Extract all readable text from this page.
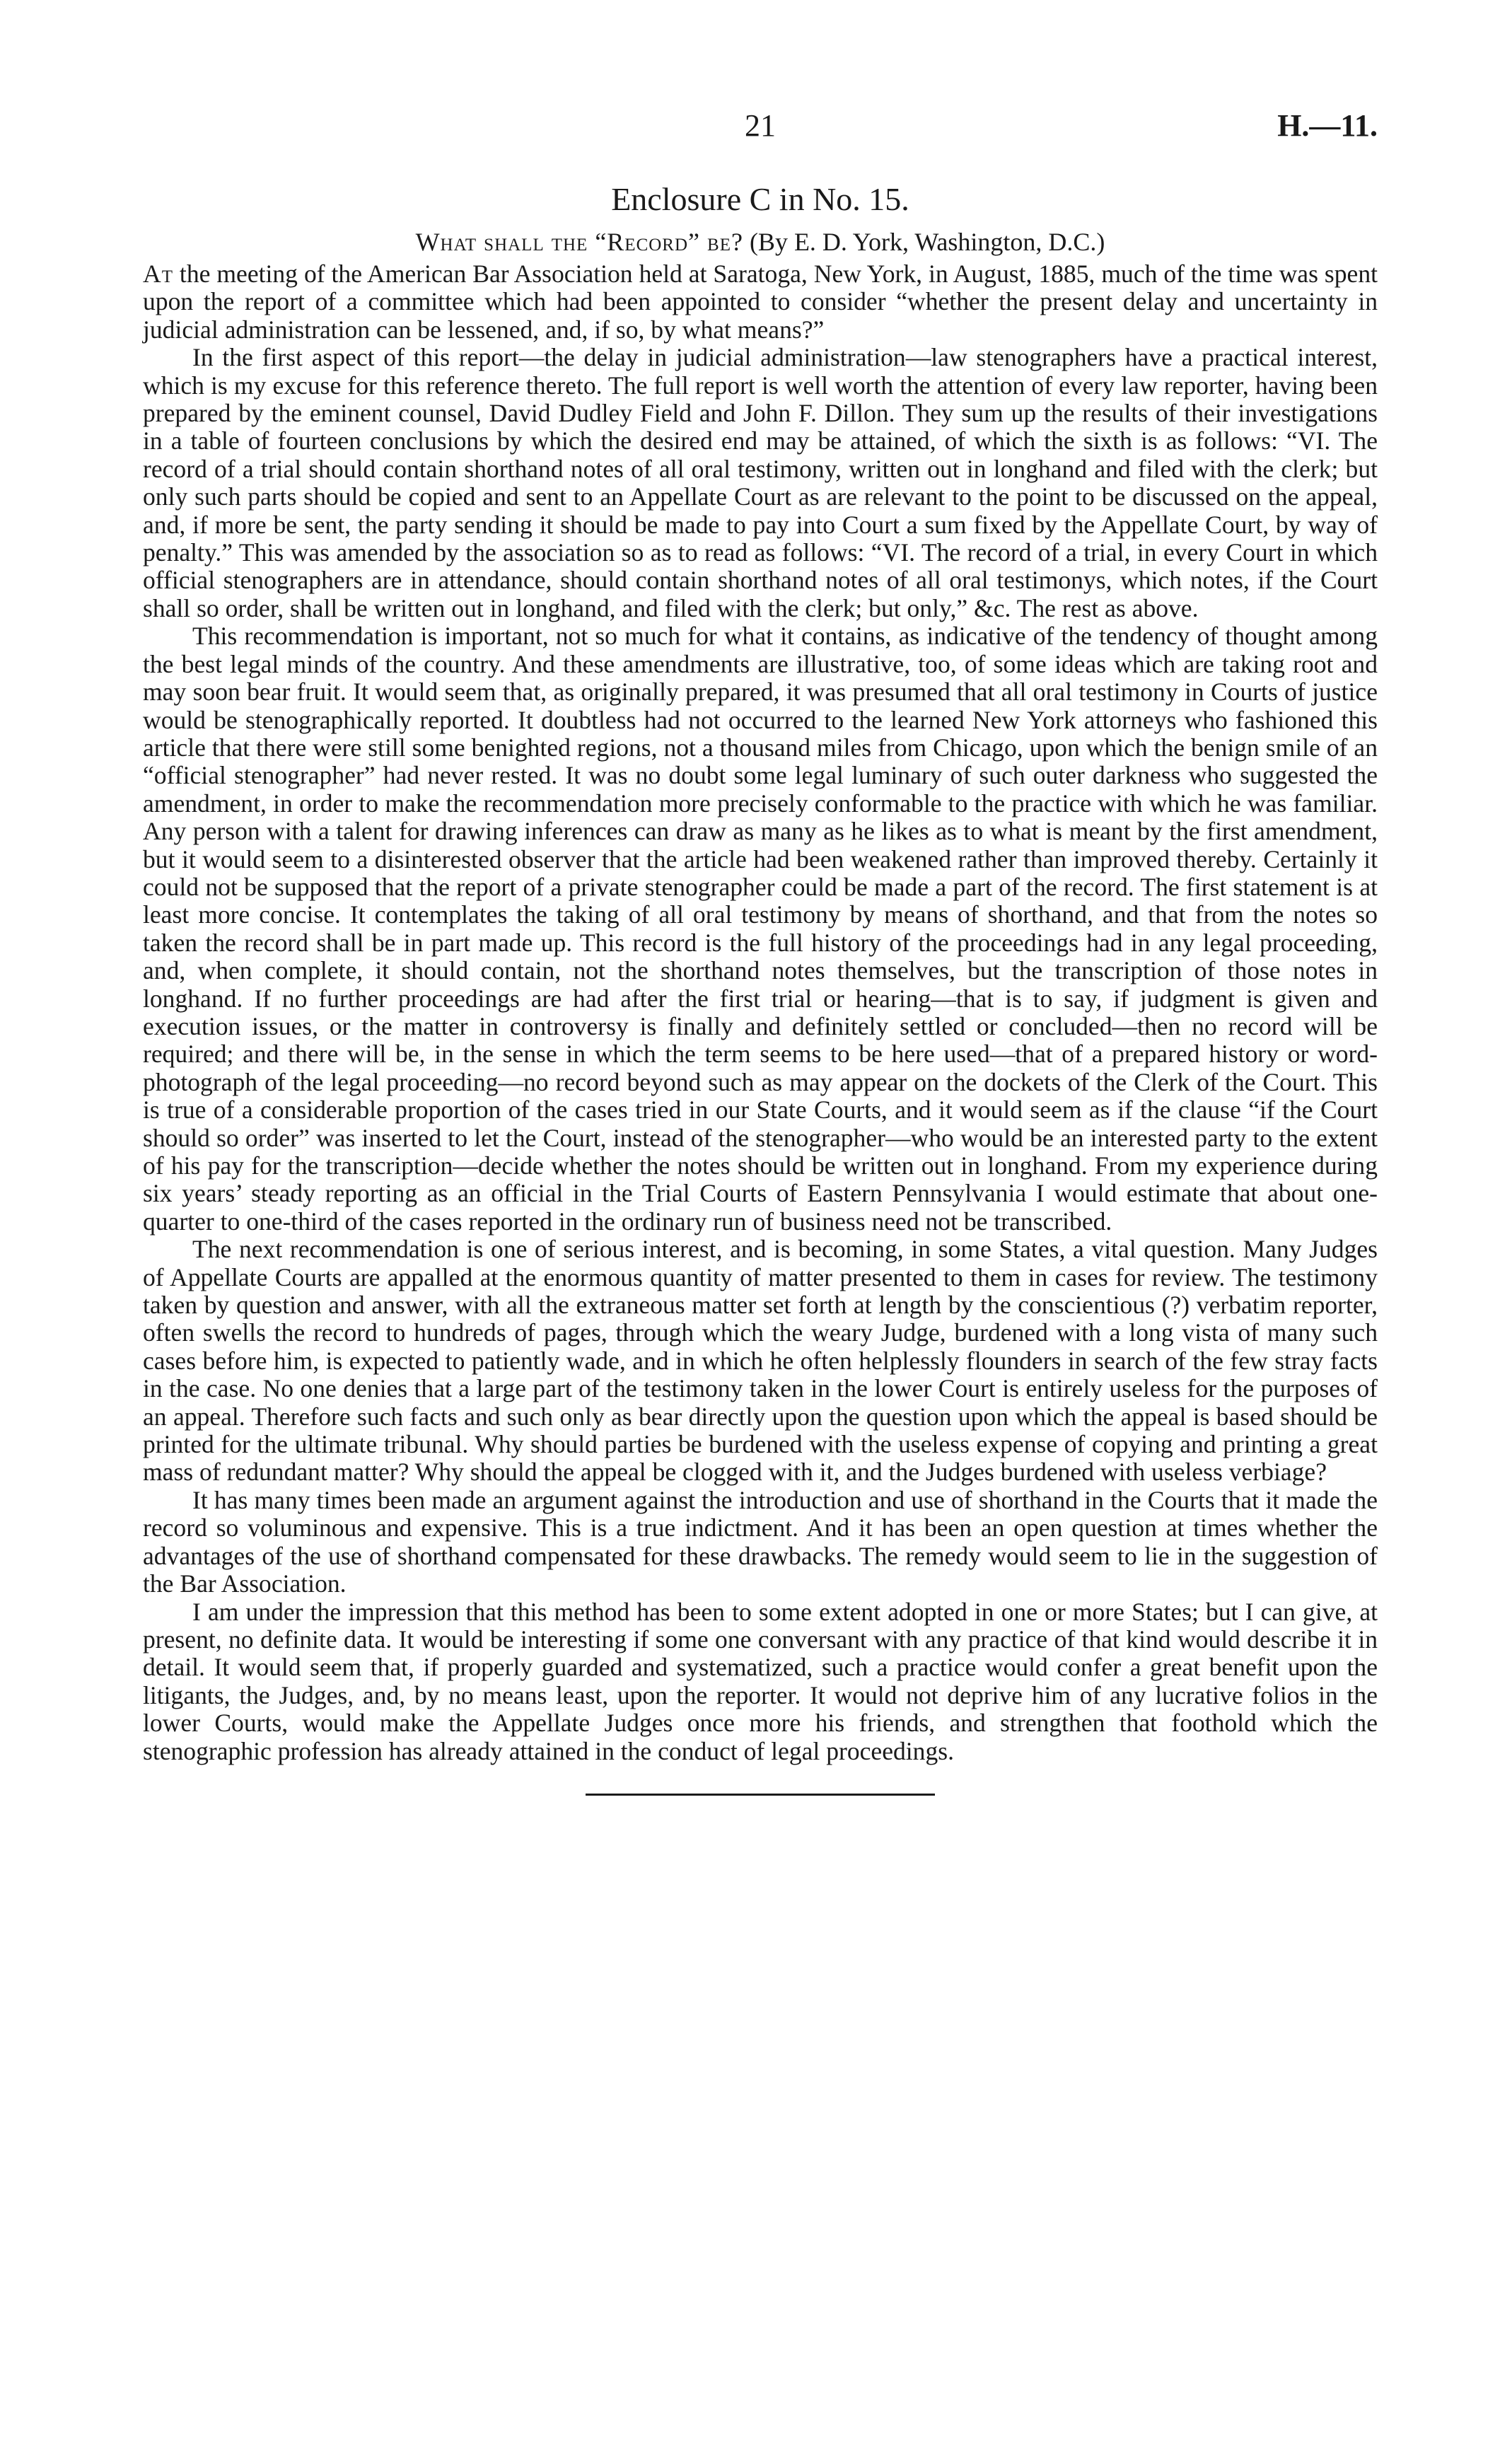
21	H.—11.
Enclosure C in No. 15.
What shall the “Record” be? (By E. D. York, Washington, D.C.)

At the meeting of the American Bar Association held at Saratoga, New York, in August, 1885, much of the time was spent upon the report of a committee which had been appointed to consider “whether the present delay and uncertainty in judicial administration can be lessened, and, if so, by what means?”

In the first aspect of this report—the delay in judicial administration—law stenographers have a practical interest, which is my excuse for this reference thereto. The full report is well worth the attention of every law reporter, having been prepared by the eminent counsel, David Dudley Field and John F. Dillon. They sum up the results of their investigations in a table of fourteen conclusions by which the desired end may be attained, of which the sixth is as follows: “VI. The record of a trial should contain shorthand notes of all oral testimony, written out in longhand and filed with the clerk; but only such parts should be copied and sent to an Appellate Court as are relevant to the point to be discussed on the appeal, and, if more be sent, the party sending it should be made to pay into Court a sum fixed by the Appellate Court, by way of penalty.” This was amended by the association so as to read as follows: “VI. The record of a trial, in every Court in which official stenographers are in attendance, should contain shorthand notes of all oral testimonys, which notes, if the Court shall so order, shall be written out in longhand, and filed with the clerk; but only,” &c. The rest as above.

This recommendation is important, not so much for what it contains, as indicative of the tendency of thought among the best legal minds of the country. And these amendments are illustrative, too, of some ideas which are taking root and may soon bear fruit. It would seem that, as originally prepared, it was presumed that all oral testimony in Courts of justice would be stenographically reported. It doubtless had not occurred to the learned New York attorneys who fashioned this article that there were still some benighted regions, not a thousand miles from Chicago, upon which the benign smile of an “official stenographer” had never rested. It was no doubt some legal luminary of such outer darkness who suggested the amendment, in order to make the recommendation more precisely conformable to the practice with which he was familiar. Any person with a talent for drawing inferences can draw as many as he likes as to what is meant by the first amendment, but it would seem to a disinterested observer that the article had been weakened rather than improved thereby. Certainly it could not be supposed that the report of a private stenographer could be made a part of the record. The first statement is at least more concise. It contemplates the taking of all oral testimony by means of shorthand, and that from the notes so taken the record shall be in part made up. This record is the full history of the proceedings had in any legal proceeding, and, when complete, it should contain, not the shorthand notes themselves, but the transcription of those notes in longhand. If no further proceedings are had after the first trial or hearing—that is to say, if judgment is given and execution issues, or the matter in controversy is finally and definitely settled or concluded—then no record will be required; and there will be, in the sense in which the term seems to be here used—that of a prepared history or word-photograph of the legal proceeding—no record beyond such as may appear on the dockets of the Clerk of the Court. This is true of a considerable proportion of the cases tried in our State Courts, and it would seem as if the clause “if the Court should so order” was inserted to let the Court, instead of the stenographer—who would be an interested party to the extent of his pay for the transcription—decide whether the notes should be written out in longhand. From my experience during six years’ steady reporting as an official in the Trial Courts of Eastern Pennsylvania I would estimate that about one-quarter to one-third of the cases reported in the ordinary run of business need not be transcribed.

The next recommendation is one of serious interest, and is becoming, in some States, a vital question. Many Judges of Appellate Courts are appalled at the enormous quantity of matter presented to them in cases for review. The testimony taken by question and answer, with all the extraneous matter set forth at length by the conscientious (?) verbatim reporter, often swells the record to hundreds of pages, through which the weary Judge, burdened with a long vista of many such cases before him, is expected to patiently wade, and in which he often helplessly flounders in search of the few stray facts in the case. No one denies that a large part of the testimony taken in the lower Court is entirely useless for the purposes of an appeal. Therefore such facts and such only as bear directly upon the question upon which the appeal is based should be printed for the ultimate tribunal. Why should parties be burdened with the useless expense of copying and printing a great mass of redundant matter? Why should the appeal be clogged with it, and the Judges burdened with useless verbiage?

It has many times been made an argument against the introduction and use of shorthand in the Courts that it made the record so voluminous and expensive. This is a true indictment. And it has been an open question at times whether the advantages of the use of shorthand compensated for these drawbacks. The remedy would seem to lie in the suggestion of the Bar Association.

I am under the impression that this method has been to some extent adopted in one or more States; but I can give, at present, no definite data. It would be interesting if some one conversant with any practice of that kind would describe it in detail. It would seem that, if properly guarded and systematized, such a practice would confer a great benefit upon the litigants, the Judges, and, by no means least, upon the reporter. It would not deprive him of any lucrative folios in the lower Courts, would make the Appellate Judges once more his friends, and strengthen that foothold which the stenographic profession has already attained in the conduct of legal proceedings.
